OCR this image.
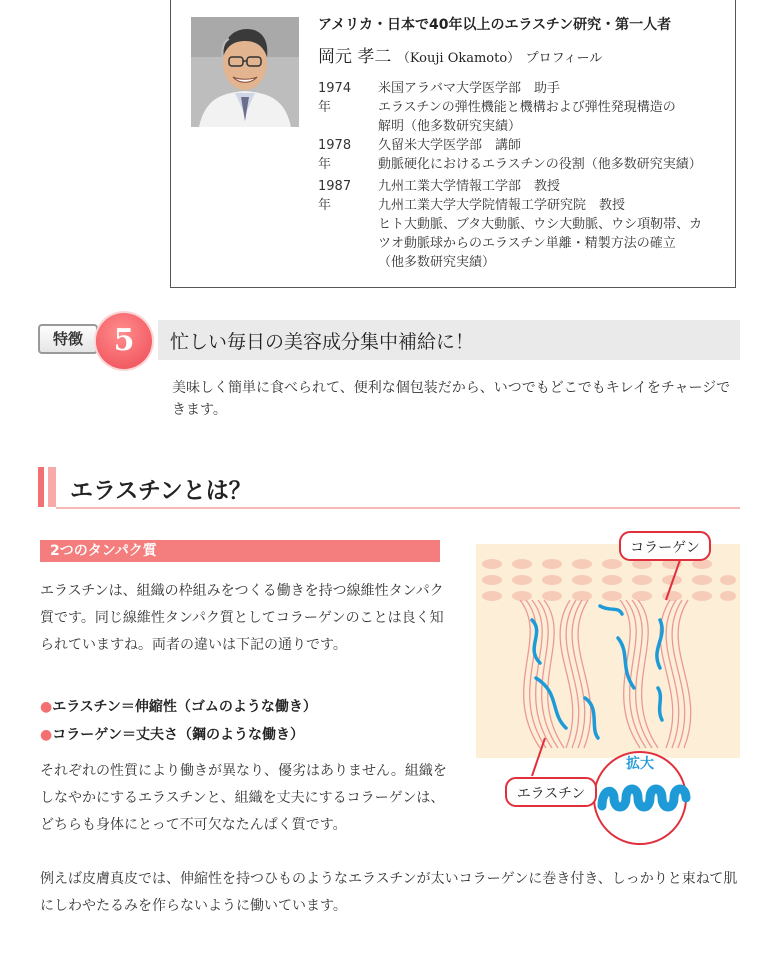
アメリカ・日本で40年以上のエラスチン研究・第一人者
岡元 孝二 （Kouji Okamoto） プロフィール
1974年
米国アラバマ大学医学部　助手
エラスチンの弾性機能と機構および弾性発現構造の
解明（他多数研究実績）
1978年
久留米大学医学部　講師
動脈硬化におけるエラスチンの役割（他多数研究実績）
1987年
九州工業大学情報工学部　教授
九州工業大学大学院情報工学研究院　教授
ヒト大動脈、ブタ大動脈、ウシ大動脈、ウシ項靭帯、カ
ツオ動脈球からのエラスチン単離・精製方法の確立
（他多数研究実績）
特徴	5	忙しい毎日の美容成分集中補給に！
美味しく簡単に食べられて、便利な個包装だから、いつでもどこでもキレイをチャージできます。
エラスチンとは？
2つのタンパク質
エラスチンは、組織の枠組みをつくる働きを持つ線維性タンパク質です。同じ線維性タンパク質としてコラーゲンのことは良く知られていますね。両者の違いは下記の通りです。
●エラスチン＝伸縮性（ゴムのような働き）
●コラーゲン＝丈夫さ（鋼のような働き）
それぞれの性質により働きが異なり、優劣はありません。組織をしなやかにするエラスチンと、組織を丈夫にするコラーゲンは、どちらも身体にとって不可欠なたんぱく質です。
例えば皮膚真皮では、伸縮性を持つひものようなエラスチンが太いコラーゲンに巻き付き、しっかりと束ねて肌にしわやたるみを作らないように働いています。
コラーゲン
拡大
エラスチン
